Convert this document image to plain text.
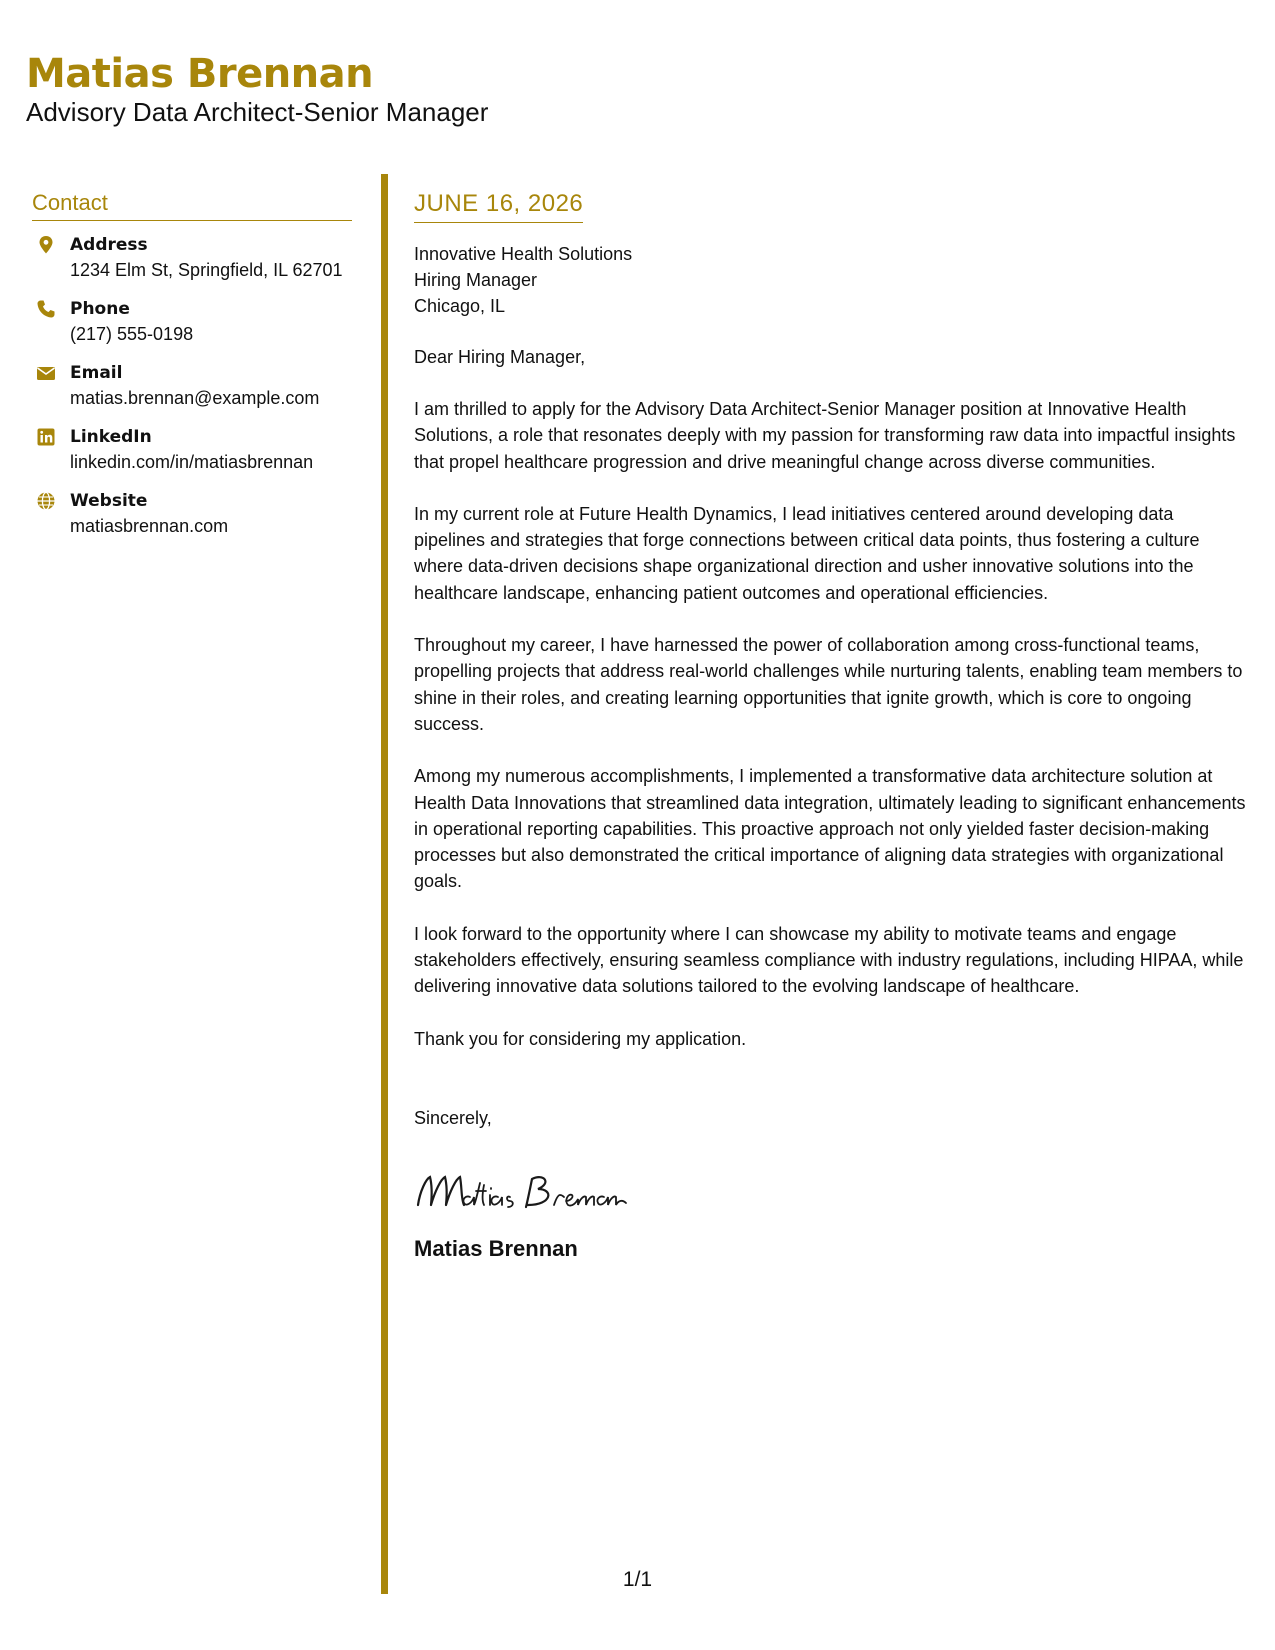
Matias Brennan
Advisory Data Architect-Senior Manager
Contact
Address
1234 Elm St, Springfield, IL 62701
Phone
(217) 555-0198
Email
matias.brennan@example.com
LinkedIn
linkedin.com/in/matiasbrennan
Website
matiasbrennan.com
JUNE 16, 2026
Innovative Health Solutions
Hiring Manager
Chicago, IL
Dear Hiring Manager,
I am thrilled to apply for the Advisory Data Architect-Senior Manager position at Innovative Health Solutions, a role that resonates deeply with my passion for transforming raw data into impactful insights that propel healthcare progression and drive meaningful change across diverse communities.
In my current role at Future Health Dynamics, I lead initiatives centered around developing data pipelines and strategies that forge connections between critical data points, thus fostering a culture where data-driven decisions shape organizational direction and usher innovative solutions into the healthcare landscape, enhancing patient outcomes and operational efficiencies.
Throughout my career, I have harnessed the power of collaboration among cross-functional teams, propelling projects that address real-world challenges while nurturing talents, enabling team members to shine in their roles, and creating learning opportunities that ignite growth, which is core to ongoing success.
Among my numerous accomplishments, I implemented a transformative data architecture solution at Health Data Innovations that streamlined data integration, ultimately leading to significant enhancements in operational reporting capabilities. This proactive approach not only yielded faster decision-making processes but also demonstrated the critical importance of aligning data strategies with organizational goals.
I look forward to the opportunity where I can showcase my ability to motivate teams and engage stakeholders effectively, ensuring seamless compliance with industry regulations, including HIPAA, while delivering innovative data solutions tailored to the evolving landscape of healthcare.
Thank you for considering my application.
Sincerely,
Matias Brennan
1/1
